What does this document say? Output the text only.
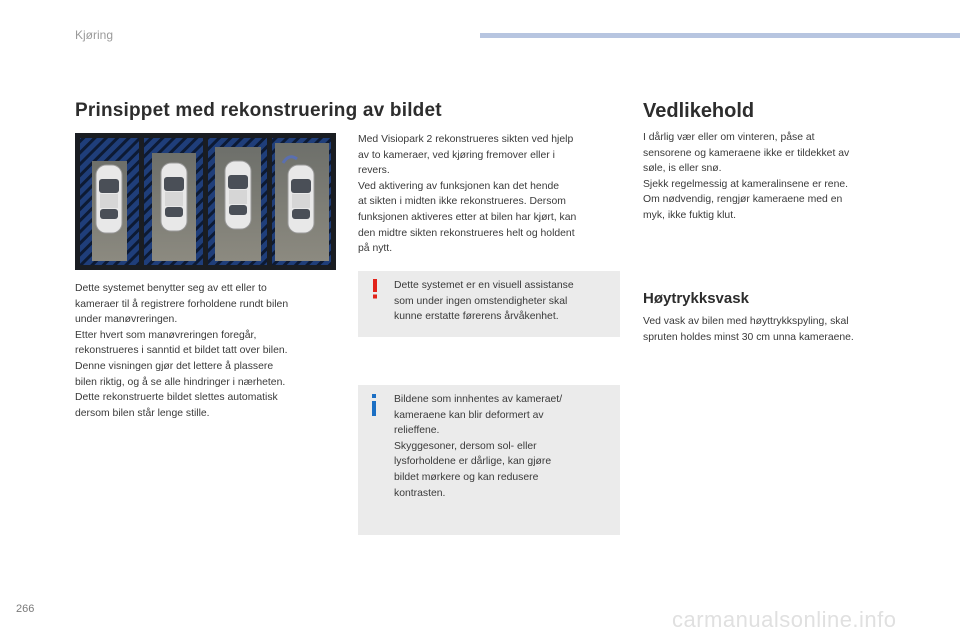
Kjøring
Prinsippet med rekonstruering av bildet

Dette systemet benytter seg av ett eller to
kameraer til å registrere forholdene rundt bilen
under manøvreringen.
Etter hvert som manøvreringen foregår,
rekonstrueres i sanntid et bildet tatt over bilen.
Denne visningen gjør det lettere å plassere
bilen riktig, og å se alle hindringer i nærheten.
Dette rekonstruerte bildet slettes automatisk
dersom bilen står lenge stille.

Med Visiopark 2 rekonstrueres sikten ved hjelp
av to kameraer, ved kjøring fremover eller i
revers.
Ved aktivering av funksjonen kan det hende
at sikten i midten ikke rekonstrueres. Dersom
funksjonen aktiveres etter at bilen har kjørt, kan
den midtre sikten rekonstrueres helt og holdent
på nytt.

Dette systemet er en visuell assistanse
som under ingen omstendigheter skal
kunne erstatte førerens årvåkenhet.

Bildene som innhentes av kameraet/
kameraene kan blir deformert av
relieffene.
Skyggesoner, dersom sol- eller
lysforholdene er dårlige, kan gjøre
bildet mørkere og kan redusere
kontrasten.

Vedlikehold

I dårlig vær eller om vinteren, påse at
sensorene og kameraene ikke er tildekket av
søle, is eller snø.
Sjekk regelmessig at kameralinsene er rene.
Om nødvendig, rengjør kameraene med en
myk, ikke fuktig klut.

Høytrykksvask

Ved vask av bilen med høyttrykkspyling, skal
spruten holdes minst 30 cm unna kameraene.

266	carmanualsonline.info
